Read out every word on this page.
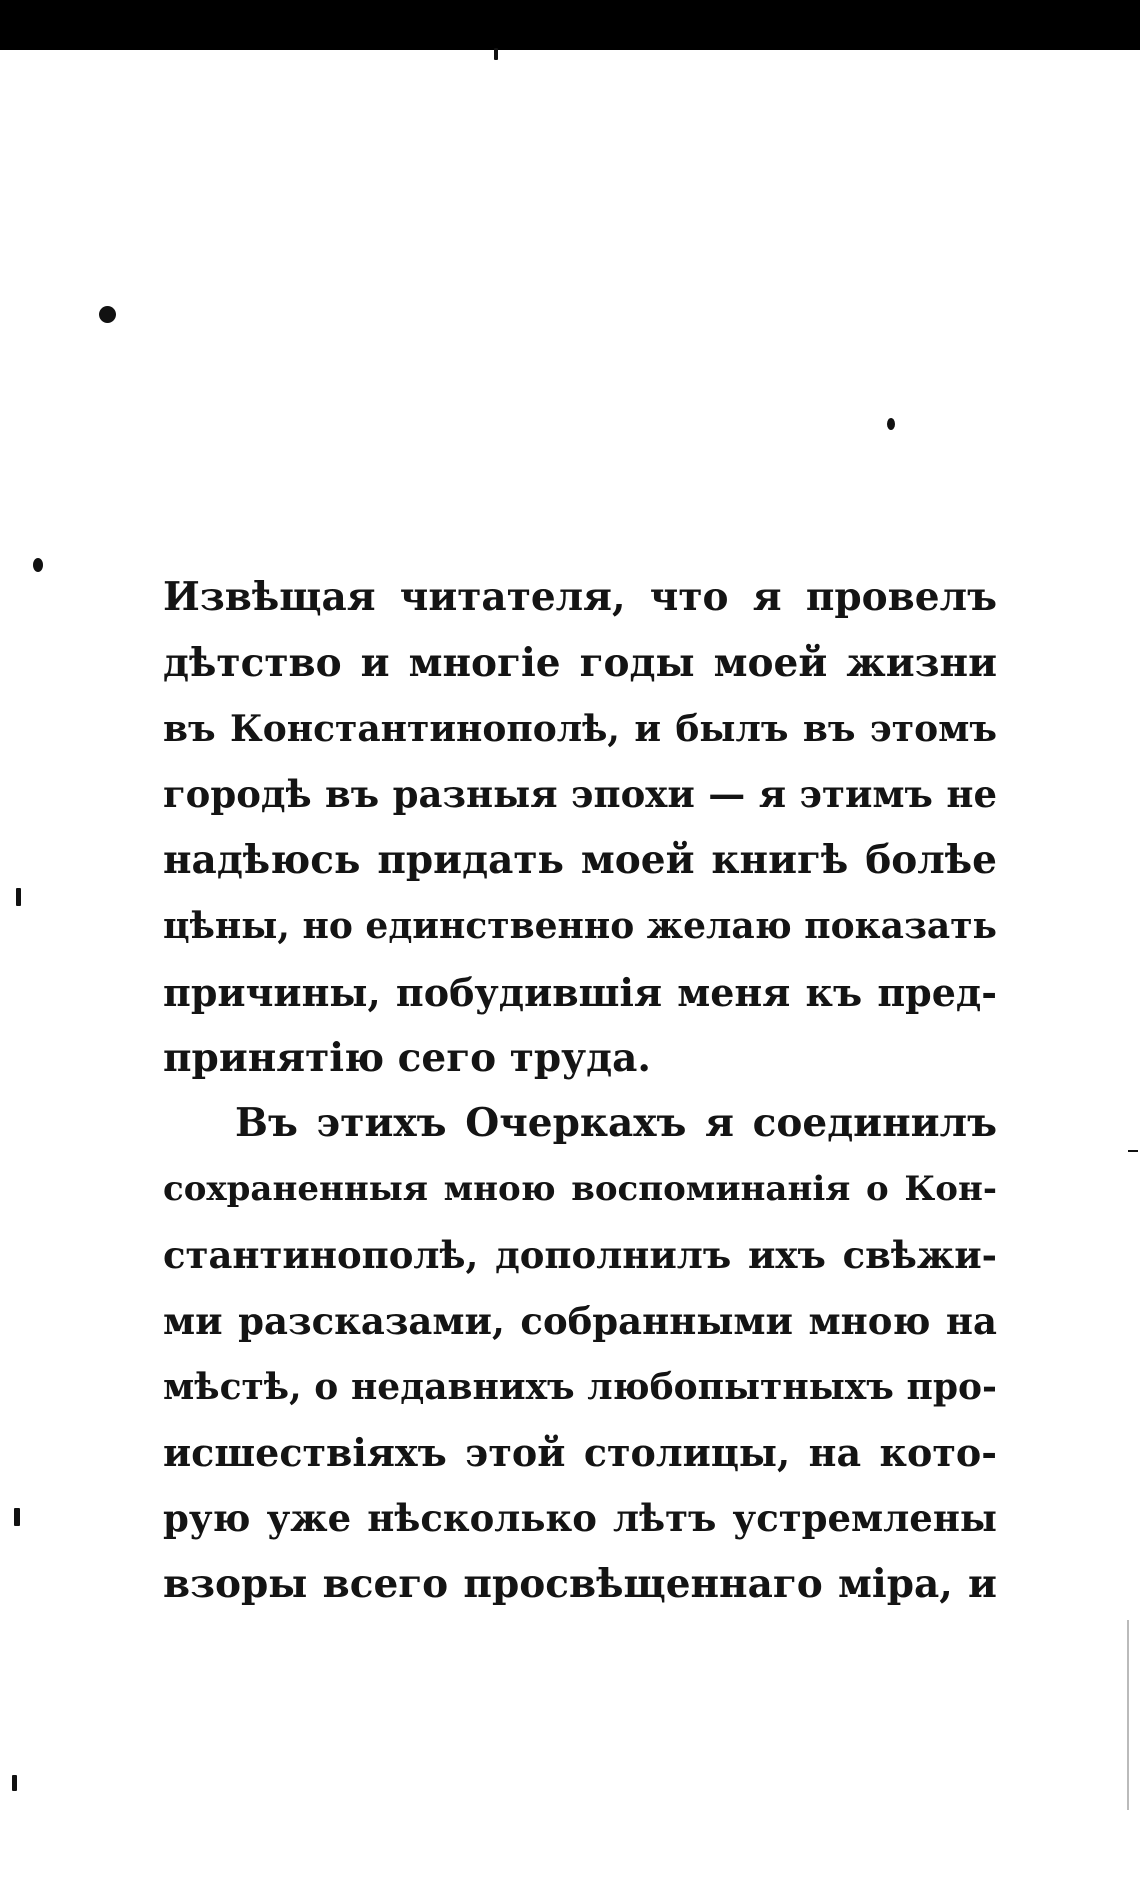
Извѣщая читателя, что я провелъ
дѣтство и многіе годы моей жизни
въ Константинополѣ, и былъ въ этомъ
городѣ въ разныя эпохи — я этимъ не
надѣюсь придать моей книгѣ болѣе
цѣны, но единственно желаю показать
причины, побудившія меня къ пред-
принятію сего труда.
Въ этихъ Очеркахъ я соединилъ
сохраненныя мною воспоминанія о Кон-
стантинополѣ, дополнилъ ихъ свѣжи-
ми разсказами, собранными мною на
мѣстѣ, о недавнихъ любопытныхъ про-
исшествіяхъ этой столицы, на кото-
рую уже нѣсколько лѣтъ устремлены
взоры всего просвѣщеннаго міра, и
